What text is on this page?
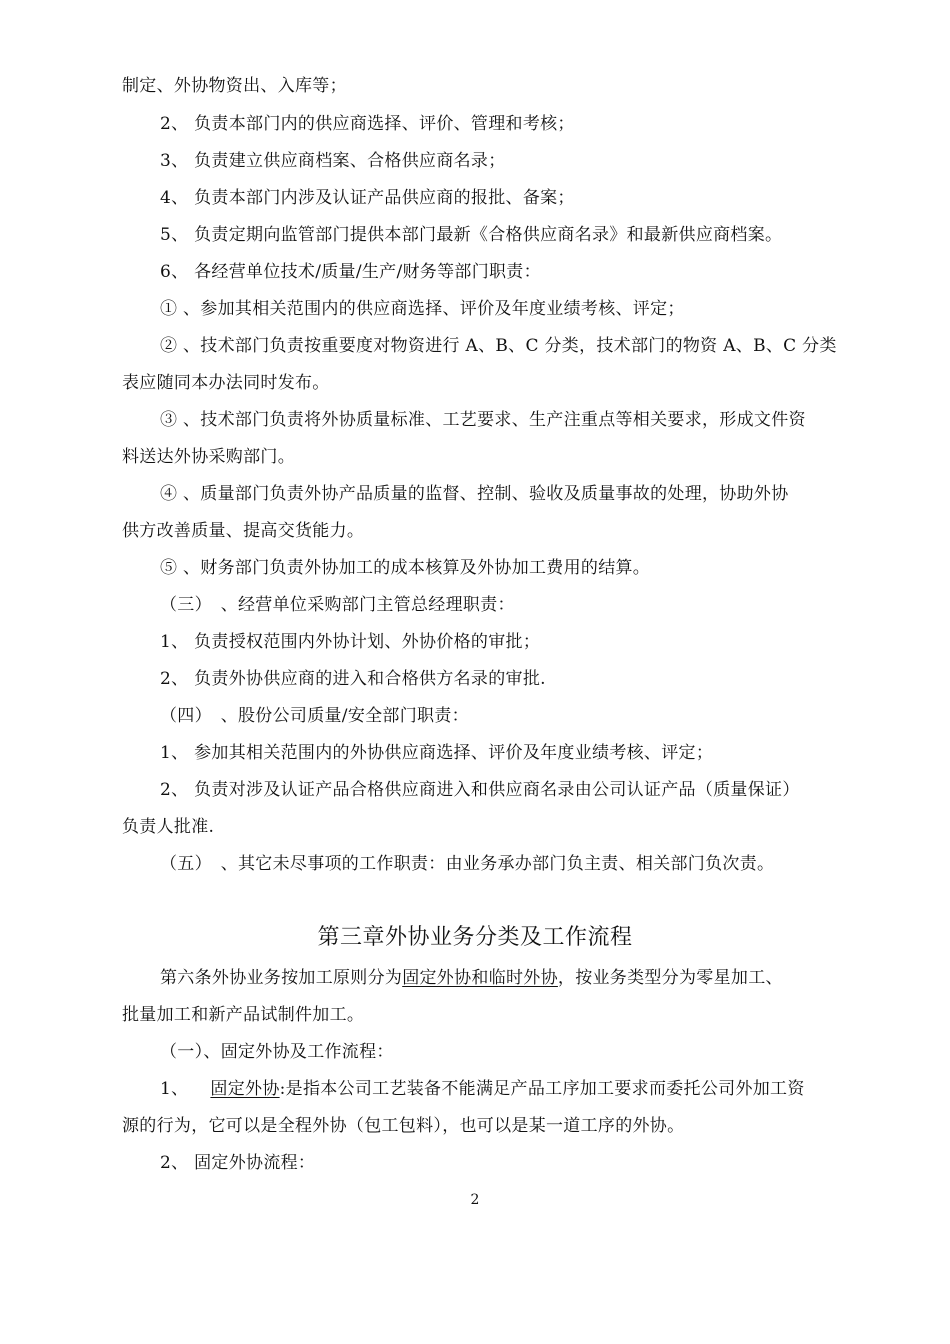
制定、外协物资出、入库等；
2、 负责本部门内的供应商选择、评价、管理和考核；
3、 负责建立供应商档案、合格供应商名录；
4、 负责本部门内涉及认证产品供应商的报批、备案；
5、 负责定期向监管部门提供本部门最新《合格供应商名录》和最新供应商档案。
6、 各经营单位技术/质量/生产/财务等部门职责：
① 、参加其相关范围内的供应商选择、评价及年度业绩考核、评定；
② 、技术部门负责按重要度对物资进行 A、B、C 分类，技术部门的物资 A、B、C 分类
表应随同本办法同时发布。
③ 、技术部门负责将外协质量标准、工艺要求、生产注重点等相关要求，形成文件资
料送达外协采购部门。
④ 、质量部门负责外协产品质量的监督、控制、验收及质量事故的处理，协助外协
供方改善质量、提高交货能力。
⑤ 、财务部门负责外协加工的成本核算及外协加工费用的结算。
（三）　、经营单位采购部门主管总经理职责：
1、 负责授权范围内外协计划、外协价格的审批；
2、 负责外协供应商的进入和合格供方名录的审批.
（四）　、股份公司质量/安全部门职责：
1、 参加其相关范围内的外协供应商选择、评价及年度业绩考核、评定；
2、 负责对涉及认证产品合格供应商进入和供应商名录由公司认证产品（质量保证）
负责人批准.
（五）　、其它未尽事项的工作职责：由业务承办部门负主责、相关部门负次责。
第三章外协业务分类及工作流程
第六条外协业务按加工原则分为固定外协和临时外协，按业务类型分为零星加工、
批量加工和新产品试制件加工。
（一）、固定外协及工作流程：
1、 固定外协:是指本公司工艺装备不能满足产品工序加工要求而委托公司外加工资
源的行为，它可以是全程外协（包工包料），也可以是某一道工序的外协。
2、 固定外协流程：
2
